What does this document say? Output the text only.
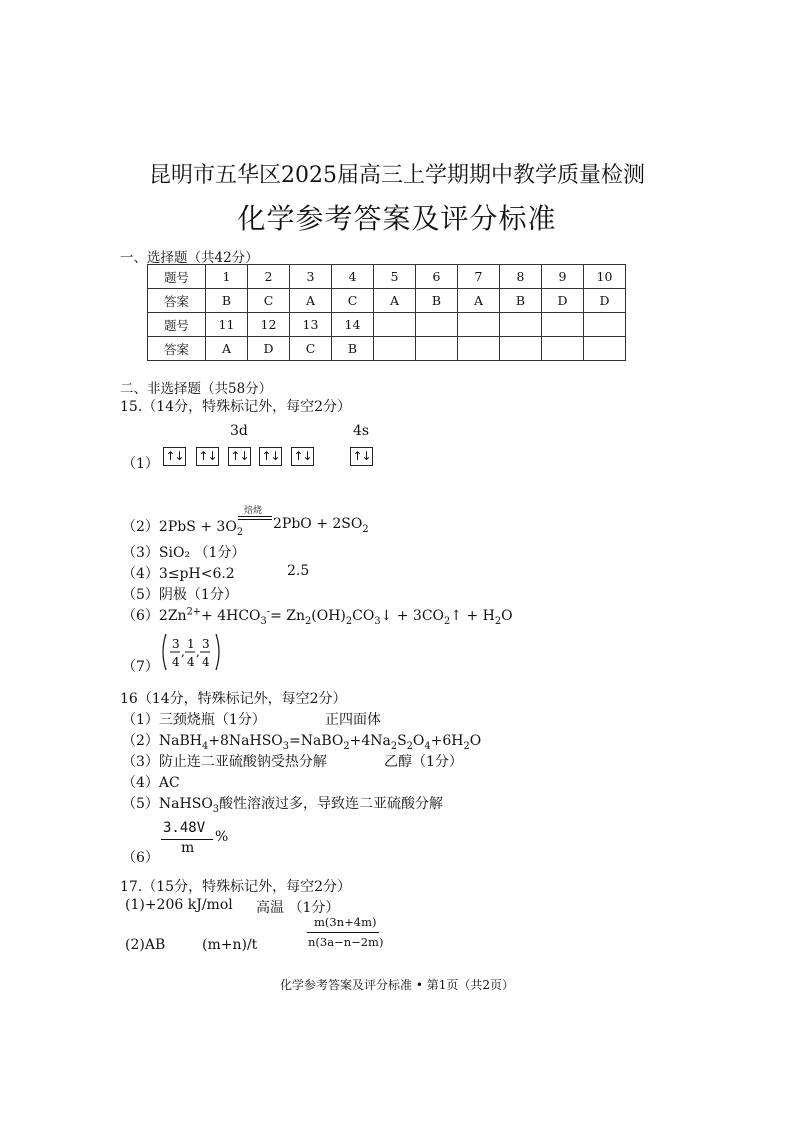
昆明市五华区2025届高三上学期期中教学质量检测
化学参考答案及评分标准
一、选择题（共42分）
题号	1	2	3	4	5	6	7	8	9	10
答案	B	C	A	C	A	B	A	B	D	D
题号	11	12	13	14						
答案	A	D	C	B						
二、非选择题（共58分）
15.（14分，特殊标记外，每空2分）
3d	4s
（1） ↑↓ ↑↓ ↑↓ ↑↓ ↑↓	↑↓
$(2)2PbS + 3O_2$
焙烧
$2PbO + 2SO_2$
（3）SiO₂ （1分）
（4）3≤pH<6.2	2.5
（5）阴极（1分）
$(6)2Zn^{2+}+ 4HCO_3^-=$ $Zn_2(OH)_2CO_3↓$ + $3CO_2↑ + H_2O$
（7）
3
4
,
1
4
,
3
4
16（14分，特殊标记外，每空2分）
（1）三颈烧瓶（1分）	正四面体
$(2)NaBH_4+8NaHSO_3=NaBO_2+4Na_2S_2O_4+6H_2O$
（3）防止连二亚硫酸钠受热分解	乙醇（1分）
（4）AC
（5）NaHSO$_3$酸性溶液过多，导致连二亚硫酸分解
3.48V
m
%
（6）
17.（15分，特殊标记外，每空2分）
(1)+206 kJ/mol 高温 （1分）
(2)AB	(m+n)/t
m(3n+4m)
n(3a−n−2m)
化学参考答案及评分标准 • 第1页（共2页）
